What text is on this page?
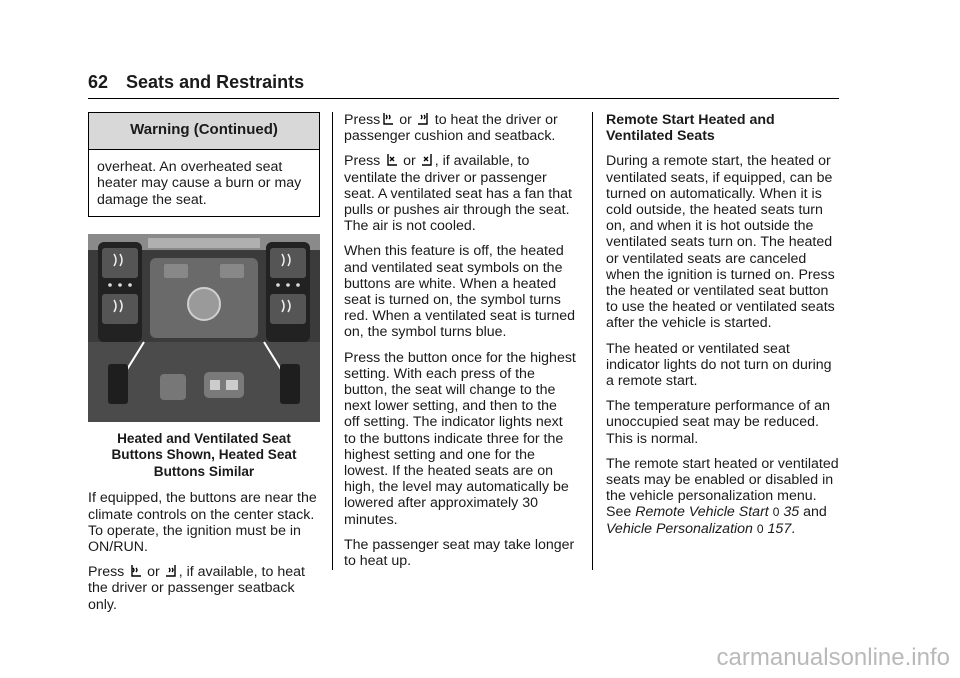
62 Seats and Restraints
Warning (Continued)
overheat. An overheated seat heater may cause a burn or may damage the seat.
Heated and Ventilated Seat
Buttons Shown, Heated Seat
Buttons Similar

If equipped, the buttons are near the climate controls on the center stack. To operate, the ignition must be in ON/RUN.

Press or , if available, to heat the driver or passenger seatback only.

Press or to heat the driver or passenger cushion and seatback.

Press or , if available, to ventilate the driver or passenger seat. A ventilated seat has a fan that pulls or pushes air through the seat. The air is not cooled.

When this feature is off, the heated and ventilated seat symbols on the buttons are white. When a heated seat is turned on, the symbol turns red. When a ventilated seat is turned on, the symbol turns blue.

Press the button once for the highest setting. With each press of the button, the seat will change to the next lower setting, and then to the off setting. The indicator lights next to the buttons indicate three for the highest setting and one for the lowest. If the heated seats are on high, the level may automatically be lowered after approximately 30 minutes.

The passenger seat may take longer to heat up.

Remote Start Heated and
Ventilated Seats

During a remote start, the heated or ventilated seats, if equipped, can be turned on automatically. When it is cold outside, the heated seats turn on, and when it is hot outside the ventilated seats turn on. The heated or ventilated seats are canceled when the ignition is turned on. Press the heated or ventilated seat button to use the heated or ventilated seats after the vehicle is started.

The heated or ventilated seat indicator lights do not turn on during a remote start.

The temperature performance of an unoccupied seat may be reduced. This is normal.

The remote start heated or ventilated seats may be enabled or disabled in the vehicle personalization menu. See Remote Vehicle Start 0 35 and Vehicle Personalization 0 157.

carmanualsonline.info
